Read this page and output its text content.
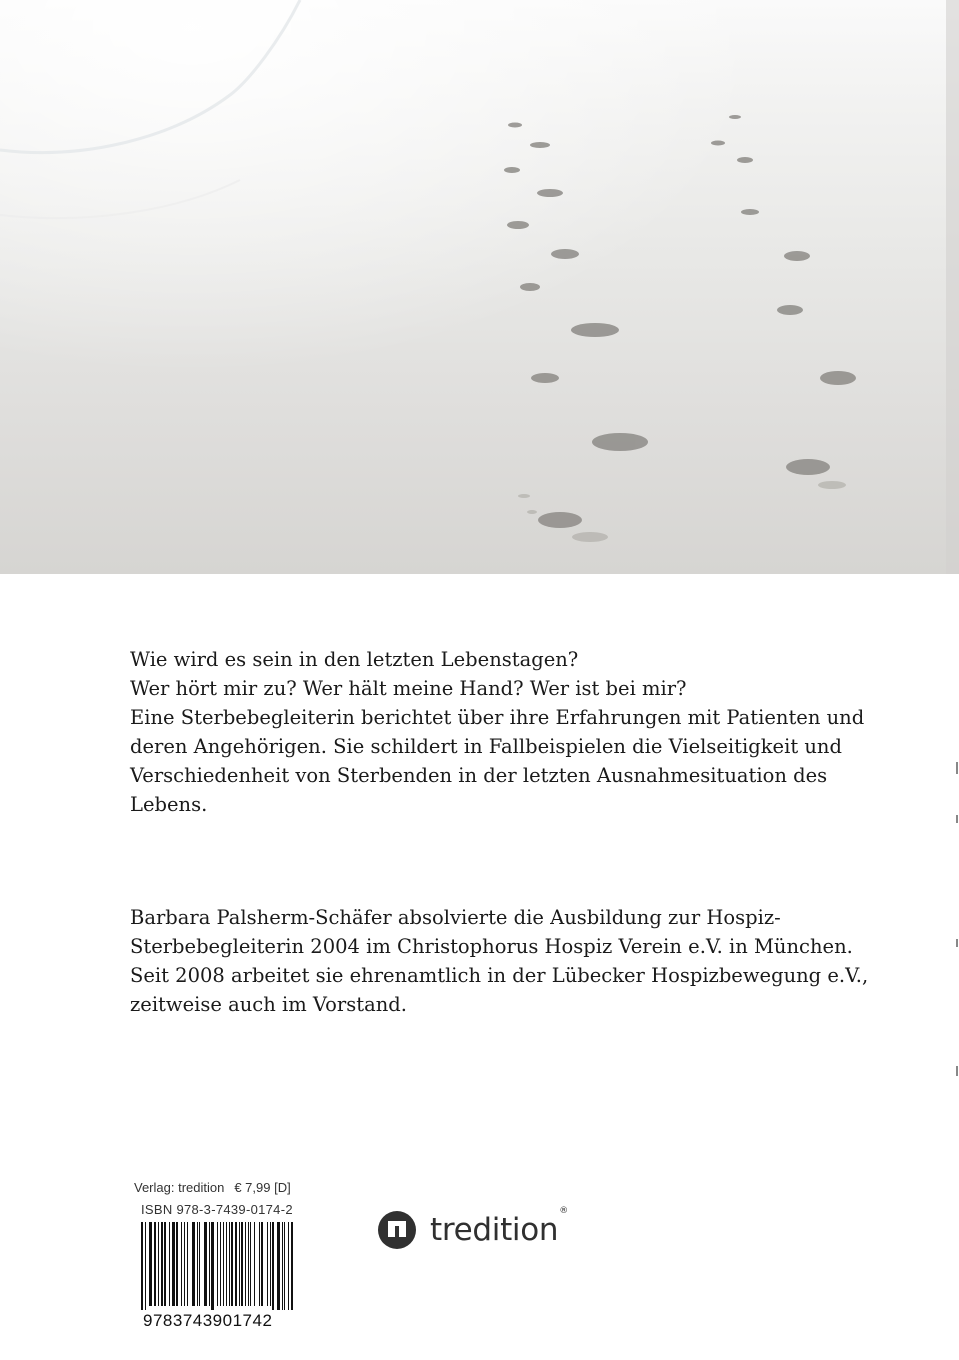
Wie wird es sein in den letzten Lebenstagen?
Wer hört mir zu? Wer hält meine Hand? Wer ist bei mir?
Eine Sterbebegleiterin berichtet über ihre Erfahrungen mit Patienten und
deren Angehörigen. Sie schildert in Fallbeispielen die Vielseitigkeit und
Verschiedenheit von Sterbenden in der letzten Ausnahmesituation des
Lebens.
Barbara Palsherm-Schäfer absolvierte die Ausbildung zur Hospiz-
Sterbebegleiterin 2004 im Christophorus Hospiz Verein e.V. in München.
Seit 2008 arbeitet sie ehrenamtlich in der Lübecker Hospizbewegung e.V.,
zeitweise auch im Vorstand.
Verlag: tredition € 7,99 [D]
ISBN 978-3-7439-0174-2
9783743901742
tredition®
